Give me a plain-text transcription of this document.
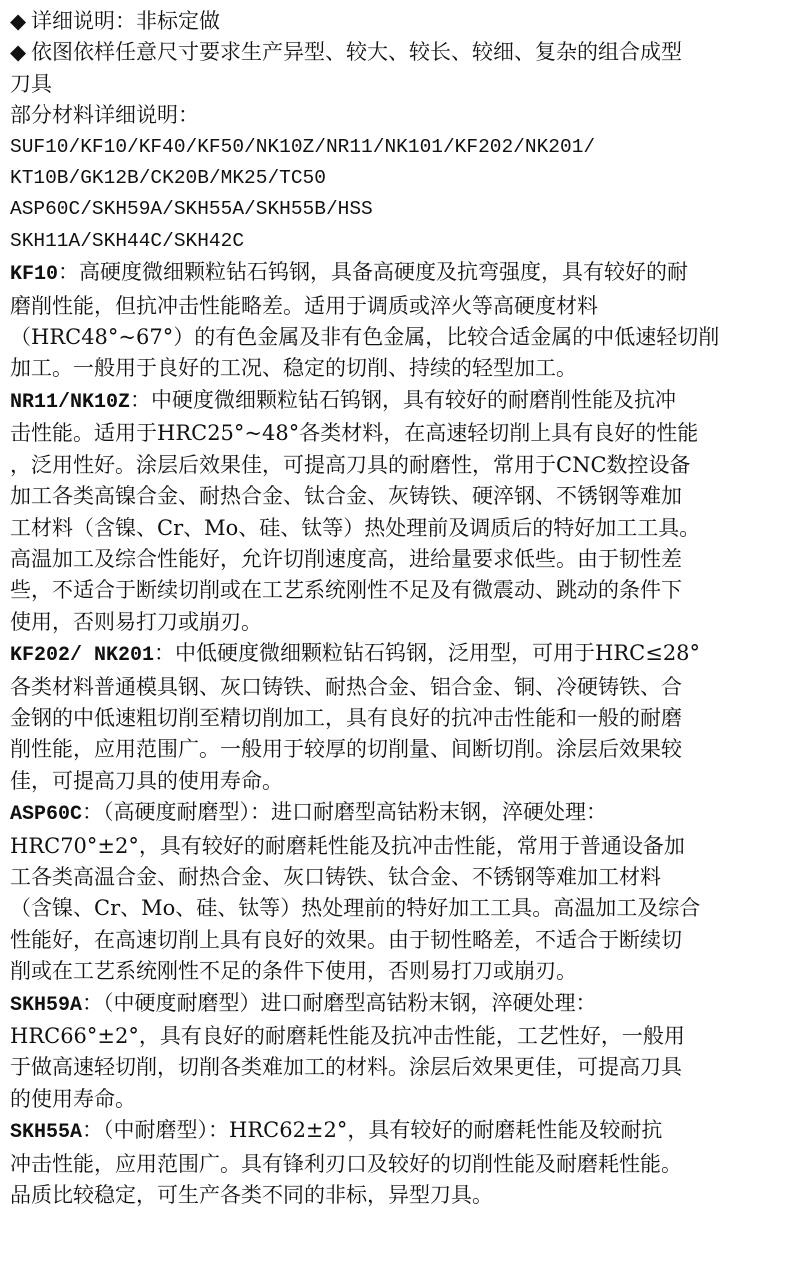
◆ 详细说明：非标定做
◆ 依图依样任意尺寸要求生产异型、较大、较长、较细、复杂的组合成型
刀具
部分材料详细说明：
SUF10/KF10/KF40/KF50/NK10Z/NR11/NK101/KF202/NK201/
KT10B/GK12B/CK20B/MK25/TC50
ASP60C/SKH59A/SKH55A/SKH55B/HSS
SKH11A/SKH44C/SKH42C
KF10：高硬度微细颗粒钻石钨钢，具备高硬度及抗弯强度，具有较好的耐
磨削性能，但抗冲击性能略差。适用于调质或淬火等高硬度材料
（HRC48°~67°）的有色金属及非有色金属，比较合适金属的中低速轻切削
加工。一般用于良好的工况、稳定的切削、持续的轻型加工。
NR11/NK10Z：中硬度微细颗粒钻石钨钢，具有较好的耐磨削性能及抗冲
击性能。适用于HRC25°~48°各类材料，在高速轻切削上具有良好的性能
，泛用性好。涂层后效果佳，可提高刀具的耐磨性，常用于CNC数控设备
加工各类高镍合金、耐热合金、钛合金、灰铸铁、硬淬钢、不锈钢等难加
工材料（含镍、Cr、Mo、硅、钛等）热处理前及调质后的特好加工工具。
高温加工及综合性能好，允许切削速度高，进给量要求低些。由于韧性差
些，不适合于断续切削或在工艺系统刚性不足及有微震动、跳动的条件下
使用，否则易打刀或崩刃。
KF202/ NK201：中低硬度微细颗粒钻石钨钢，泛用型，可用于HRC≤28°
各类材料普通模具钢、灰口铸铁、耐热合金、铝合金、铜、冷硬铸铁、合
金钢的中低速粗切削至精切削加工，具有良好的抗冲击性能和一般的耐磨
削性能，应用范围广。一般用于较厚的切削量、间断切削。涂层后效果较
佳，可提高刀具的使用寿命。
ASP60C：（高硬度耐磨型）：进口耐磨型高钴粉末钢，淬硬处理：
HRC70°±2°，具有较好的耐磨耗性能及抗冲击性能，常用于普通设备加
工各类高温合金、耐热合金、灰口铸铁、钛合金、不锈钢等难加工材料
（含镍、Cr、Mo、硅、钛等）热处理前的特好加工工具。高温加工及综合
性能好，在高速切削上具有良好的效果。由于韧性略差，不适合于断续切
削或在工艺系统刚性不足的条件下使用，否则易打刀或崩刃。
SKH59A：（中硬度耐磨型）进口耐磨型高钴粉末钢，淬硬处理：
HRC66°±2°，具有良好的耐磨耗性能及抗冲击性能，工艺性好，一般用
于做高速轻切削，切削各类难加工的材料。涂层后效果更佳，可提高刀具
的使用寿命。
SKH55A：（中耐磨型）：HRC62±2°，具有较好的耐磨耗性能及较耐抗
冲击性能，应用范围广。具有锋利刃口及较好的切削性能及耐磨耗性能。
品质比较稳定，可生产各类不同的非标，异型刀具。
